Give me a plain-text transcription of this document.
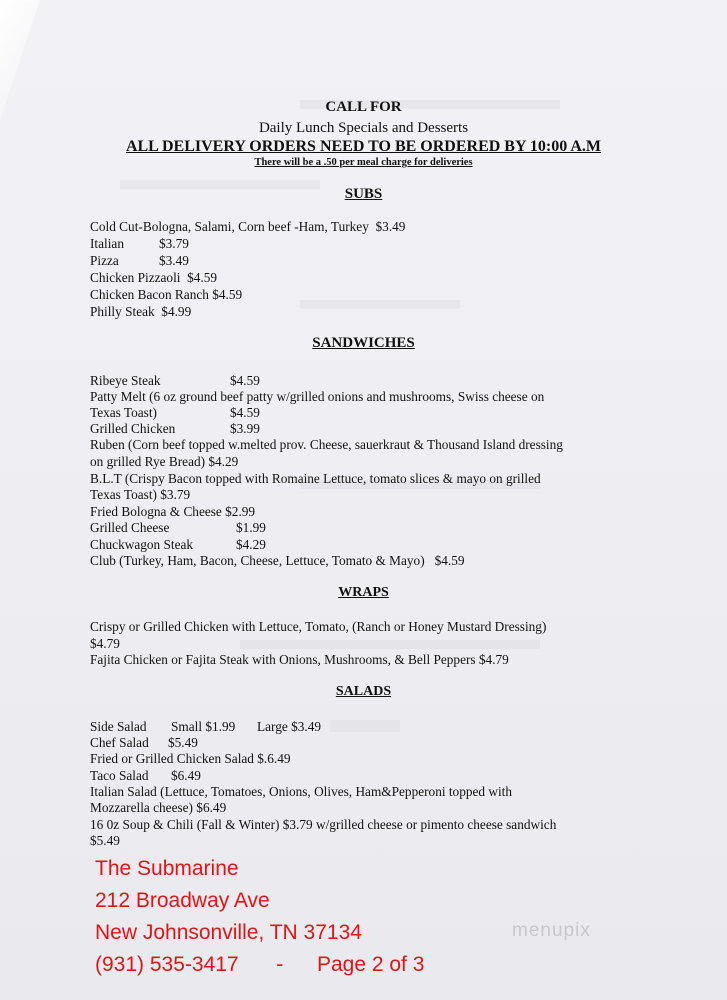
CALL FOR
Daily Lunch Specials and Desserts
ALL DELIVERY ORDERS NEED TO BE ORDERED BY 10:00 A.M
There will be a .50 per meal charge for deliveries
SUBS
Cold Cut-Bologna, Salami, Corn beef -Ham, Turkey $3.49
Italian	$3.79
Pizza	$3.49
Chicken Pizzaoli $4.59
Chicken Bacon Ranch $4.59
Philly Steak $4.99
SANDWICHES
Ribeye Steak	$4.59
Patty Melt (6 oz ground beef patty w/grilled onions and mushrooms, Swiss cheese on
Texas Toast)	$4.59
Grilled Chicken	$3.99
Ruben (Corn beef topped w.melted prov. Cheese, sauerkraut & Thousand Island dressing
on grilled Rye Bread) $4.29
B.L.T (Crispy Bacon topped with Romaine Lettuce, tomato slices & mayo on grilled
Texas Toast) $3.79
Fried Bologna & Cheese $2.99
Grilled Cheese	$1.99
Chuckwagon Steak	$4.29
Club (Turkey, Ham, Bacon, Cheese, Lettuce, Tomato & Mayo) $4.59
WRAPS
Crispy or Grilled Chicken with Lettuce, Tomato, (Ranch or Honey Mustard Dressing)
$4.79
Fajita Chicken or Fajita Steak with Onions, Mushrooms, & Bell Peppers $4.79
SALADS
Side Salad Small $1.99 Large $3.49
Chef Salad $5.49
Fried or Grilled Chicken Salad $.6.49
Taco Salad $6.49
Italian Salad (Lettuce, Tomatoes, Onions, Olives, Ham&Pepperoni topped with
Mozzarella cheese) $6.49
16 0z Soup & Chili (Fall & Winter) $3.79 w/grilled cheese or pimento cheese sandwich
$5.49
The Submarine
212 Broadway Ave
New Johnsonville, TN 37134
(931) 535-3417 - Page 2 of 3
menupix
